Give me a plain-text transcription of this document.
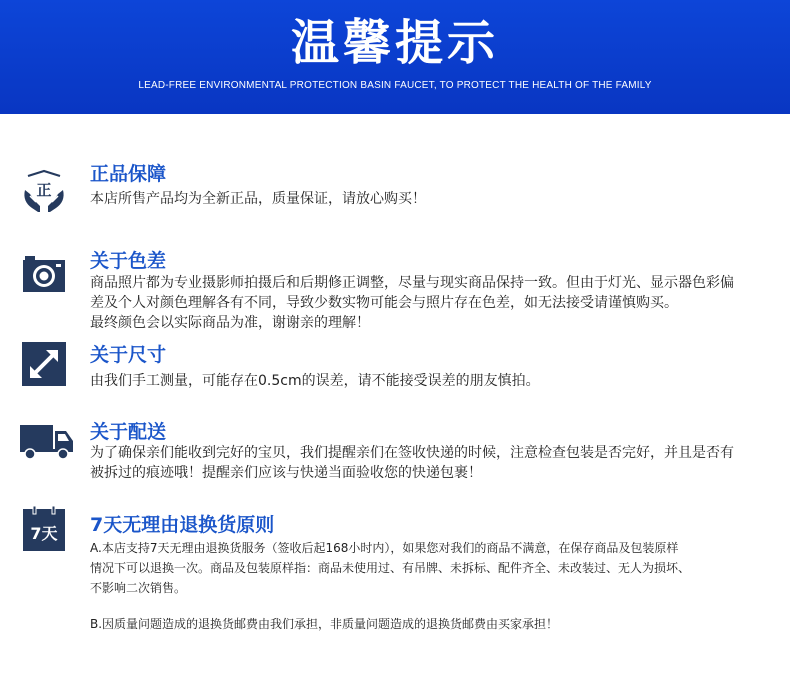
温馨提示
LEAD-FREE ENVIRONMENTAL PROTECTION BASIN FAUCET, TO PROTECT THE HEALTH OF THE FAMILY
正
正品保障

本店所售产品均为全新正品，质量保证，请放心购买！

关于色差

商品照片都为专业摄影师拍摄后和后期修正调整，尽量与现实商品保持一致。但由于灯光、显示器色彩偏

差及个人对颜色理解各有不同，导致少数实物可能会与照片存在色差，如无法接受请谨慎购买。

最终颜色会以实际商品为准，谢谢亲的理解！

关于尺寸

由我们手工测量，可能存在0.5cm的误差，请不能接受误差的朋友慎拍。

关于配送

为了确保亲们能收到完好的宝贝，我们提醒亲们在签收快递的时候，注意检查包装是否完好，并且是否有

被拆过的痕迹哦！提醒亲们应该与快递当面验收您的快递包裹！

7天 7天无理由退换货原则

A.本店支持7天无理由退换货服务（签收后起168小时内），如果您对我们的商品不满意，在保存商品及包装原样

情况下可以退换一次。商品及包装原样指：商品未使用过、有吊牌、未拆标、配件齐全、未改装过、无人为损坏、

不影响二次销售。

B.因质量问题造成的退换货邮费由我们承担，非质量问题造成的退换货邮费由买家承担！
